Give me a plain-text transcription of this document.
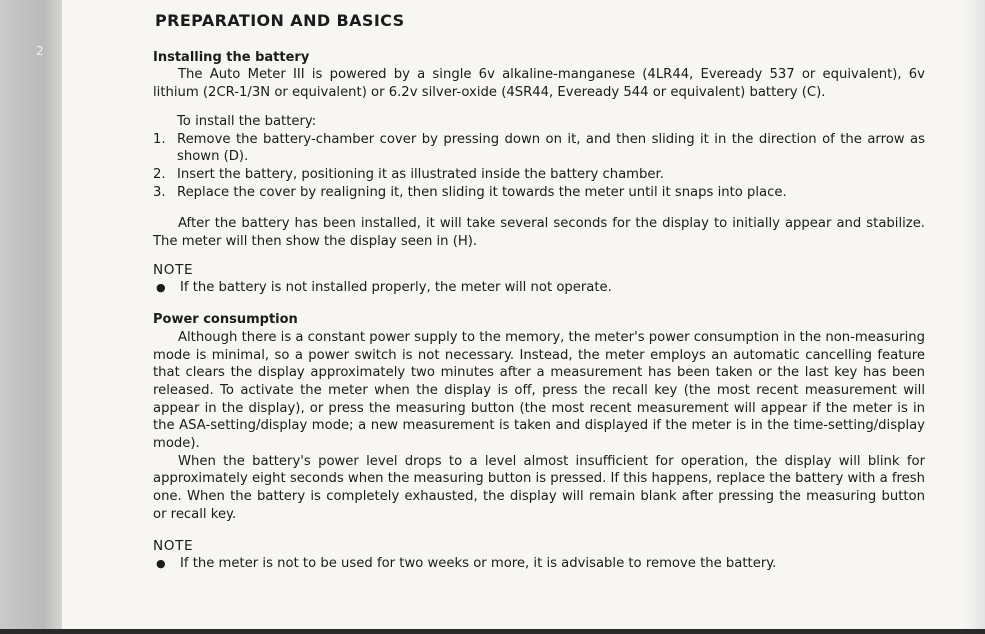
2
PREPARATION AND BASICS
Installing the battery

The Auto Meter III is powered by a single 6v alkaline-manganese (4LR44, Eveready 537 or equivalent), 6v lithium (2CR-1/3N or equivalent) or 6.2v silver-oxide (4SR44, Eveready 544 or equivalent) battery (C).

To install the battery:

1. Remove the battery-chamber cover by pressing down on it, and then sliding it in the direction of the arrow as shown (D).
2. Insert the battery, positioning it as illustrated inside the battery chamber.
3. Replace the cover by realigning it, then sliding it towards the meter until it snaps into place.

After the battery has been installed, it will take several seconds for the display to initially appear and stabilize. The meter will then show the display seen in (H).

NOTE

●	If the battery is not installed properly, the meter will not operate.
Power consumption

Although there is a constant power supply to the memory, the meter's power consumption in the non-measuring mode is minimal, so a power switch is not necessary. Instead, the meter employs an automatic cancelling feature that clears the display approximately two minutes after a measurement has been taken or the last key has been released. To activate the meter when the display is off, press the recall key (the most recent measurement will appear in the display), or press the measuring button (the most recent measurement will appear if the meter is in the ASA-setting/display mode; a new measurement is taken and displayed if the meter is in the time-setting/display mode).

When the battery's power level drops to a level almost insufficient for operation, the display will blink for approximately eight seconds when the measuring button is pressed. If this happens, replace the battery with a fresh one. When the battery is completely exhausted, the display will remain blank after pressing the measuring button or recall key.

NOTE

●	If the meter is not to be used for two weeks or more, it is advisable to remove the battery.
